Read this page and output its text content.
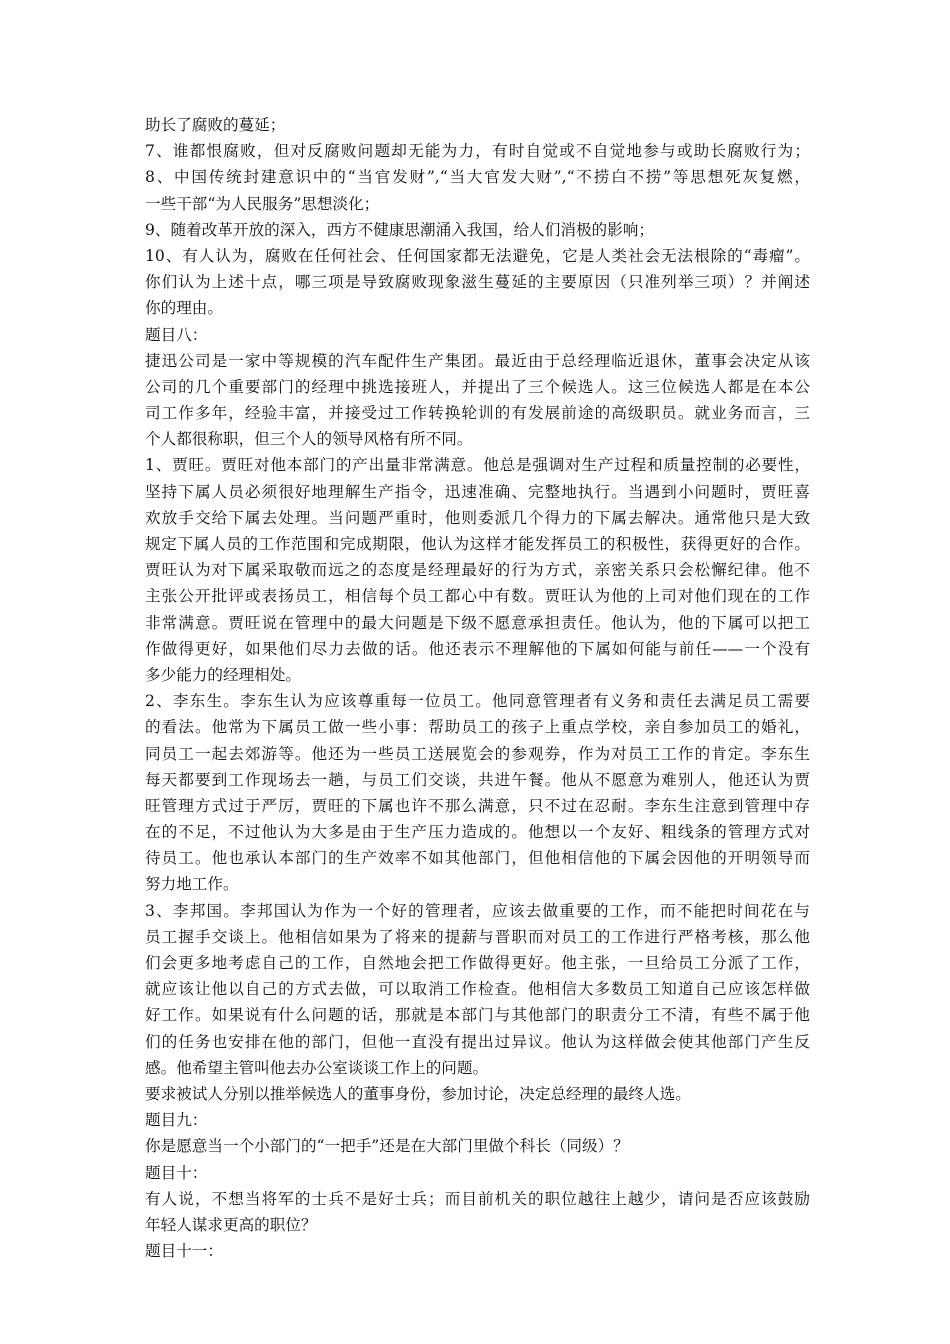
助长了腐败的蔓延；
7、谁都恨腐败，但对反腐败问题却无能为力，有时自觉或不自觉地参与或助长腐败行为；
8、中国传统封建意识中的“当官发财”,“当大官发大财”,“不捞白不捞”等思想死灰复燃，
一些干部“为人民服务”思想淡化；
9、随着改革开放的深入，西方不健康思潮涌入我国，给人们消极的影响；
10、有人认为，腐败在任何社会、任何国家都无法避免，它是人类社会无法根除的“毒瘤”。
你们认为上述十点，哪三项是导致腐败现象滋生蔓延的主要原因（只准列举三项）？并阐述
你的理由。
题目八：
捷迅公司是一家中等规模的汽车配件生产集团。最近由于总经理临近退休，董事会决定从该
公司的几个重要部门的经理中挑选接班人，并提出了三个候选人。这三位候选人都是在本公
司工作多年，经验丰富，并接受过工作转换轮训的有发展前途的高级职员。就业务而言，三
个人都很称职，但三个人的领导风格有所不同。
1、贾旺。贾旺对他本部门的产出量非常满意。他总是强调对生产过程和质量控制的必要性，
坚持下属人员必须很好地理解生产指令，迅速准确、完整地执行。当遇到小问题时，贾旺喜
欢放手交给下属去处理。当问题严重时，他则委派几个得力的下属去解决。通常他只是大致
规定下属人员的工作范围和完成期限，他认为这样才能发挥员工的积极性，获得更好的合作。
贾旺认为对下属采取敬而远之的态度是经理最好的行为方式，亲密关系只会松懈纪律。他不
主张公开批评或表扬员工，相信每个员工都心中有数。贾旺认为他的上司对他们现在的工作
非常满意。贾旺说在管理中的最大问题是下级不愿意承担责任。他认为，他的下属可以把工
作做得更好，如果他们尽力去做的话。他还表示不理解他的下属如何能与前任——一个没有
多少能力的经理相处。
2、李东生。李东生认为应该尊重每一位员工。他同意管理者有义务和责任去满足员工需要
的看法。他常为下属员工做一些小事：帮助员工的孩子上重点学校，亲自参加员工的婚礼，
同员工一起去郊游等。他还为一些员工送展览会的参观券，作为对员工工作的肯定。李东生
每天都要到工作现场去一趟，与员工们交谈，共进午餐。他从不愿意为难别人，他还认为贾
旺管理方式过于严厉，贾旺的下属也许不那么满意，只不过在忍耐。李东生注意到管理中存
在的不足，不过他认为大多是由于生产压力造成的。他想以一个友好、粗线条的管理方式对
待员工。他也承认本部门的生产效率不如其他部门，但他相信他的下属会因他的开明领导而
努力地工作。
3、李邦国。李邦国认为作为一个好的管理者，应该去做重要的工作，而不能把时间花在与
员工握手交谈上。他相信如果为了将来的提薪与晋职而对员工的工作进行严格考核，那么他
们会更多地考虑自己的工作，自然地会把工作做得更好。他主张，一旦给员工分派了工作，
就应该让他以自己的方式去做，可以取消工作检查。他相信大多数员工知道自己应该怎样做
好工作。如果说有什么问题的话，那就是本部门与其他部门的职责分工不清，有些不属于他
们的任务也安排在他的部门，但他一直没有提出过异议。他认为这样做会使其他部门产生反
感。他希望主管叫他去办公室谈谈工作上的问题。
要求被试人分别以推举候选人的董事身份，参加讨论，决定总经理的最终人选。
题目九：
你是愿意当一个小部门的“一把手”还是在大部门里做个科长（同级）？
题目十：
有人说，不想当将军的士兵不是好士兵；而目前机关的职位越往上越少，请问是否应该鼓励
年轻人谋求更高的职位？
题目十一：
